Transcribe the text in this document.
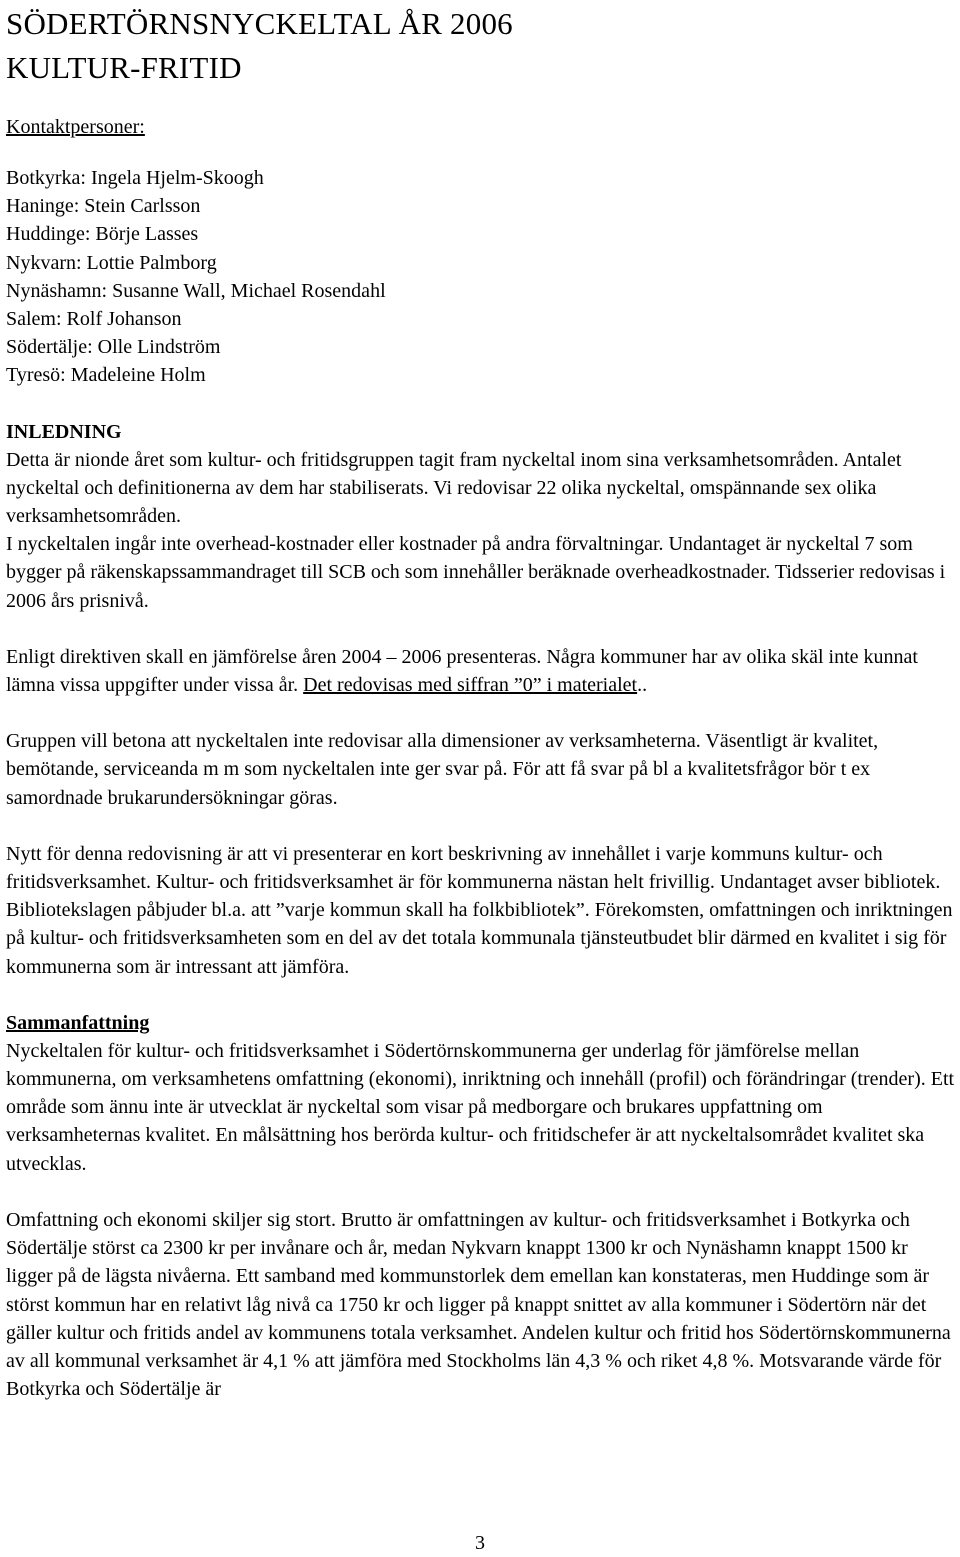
SÖDERTÖRNSNYCKELTAL ÅR 2006
KULTUR-FRITID
Kontaktpersoner:
Botkyrka: Ingela Hjelm-Skoogh
Haninge: Stein Carlsson
Huddinge: Börje Lasses
Nykvarn: Lottie Palmborg
Nynäshamn: Susanne Wall, Michael Rosendahl
Salem: Rolf Johanson
Södertälje: Olle Lindström
Tyresö: Madeleine Holm
INLEDNING

Detta är nionde året som kultur- och fritidsgruppen tagit fram nyckeltal inom sina verksamhetsområden. Antalet nyckeltal och definitionerna av dem har stabiliserats. Vi redovisar 22 olika nyckeltal, omspännande sex olika verksamhetsområden.

I nyckeltalen ingår inte overhead-kostnader eller kostnader på andra förvaltningar. Undantaget är nyckeltal 7 som bygger på räkenskapssammandraget till SCB och som innehåller beräknade overheadkostnader. Tidsserier redovisas i 2006 års prisnivå.

Enligt direktiven skall en jämförelse åren 2004 – 2006 presenteras. Några kommuner har av olika skäl inte kunnat lämna vissa uppgifter under vissa år. Det redovisas med siffran ”0” i materialet..

Gruppen vill betona att nyckeltalen inte redovisar alla dimensioner av verksamheterna. Väsentligt är kvalitet, bemötande, serviceanda m m som nyckeltalen inte ger svar på. För att få svar på bl a kvalitetsfrågor bör t ex samordnade brukarundersökningar göras.

Nytt för denna redovisning är att vi presenterar en kort beskrivning av innehållet i varje kommuns kultur- och fritidsverksamhet. Kultur- och fritidsverksamhet är för kommunerna nästan helt frivillig. Undantaget avser bibliotek. Bibliotekslagen påbjuder bl.a. att ”varje kommun skall ha folkbibliotek”. Förekomsten, omfattningen och inriktningen på kultur- och fritidsverksamheten som en del av det totala kommunala tjänsteutbudet blir därmed en kvalitet i sig för kommunerna som är intressant att jämföra.

Sammanfattning

Nyckeltalen för kultur- och fritidsverksamhet i Södertörnskommunerna ger underlag för jämförelse mellan kommunerna, om verksamhetens omfattning (ekonomi), inriktning och innehåll (profil) och förändringar (trender). Ett område som ännu inte är utvecklat är nyckeltal som visar på medborgare och brukares uppfattning om verksamheternas kvalitet. En målsättning hos berörda kultur- och fritidschefer är att nyckeltalsområdet kvalitet ska utvecklas.

Omfattning och ekonomi skiljer sig stort. Brutto är omfattningen av kultur- och fritidsverksamhet i Botkyrka och Södertälje störst ca 2300 kr per invånare och år, medan Nykvarn knappt 1300 kr och Nynäshamn knappt 1500 kr ligger på de lägsta nivåerna. Ett samband med kommunstorlek dem emellan kan konstateras, men Huddinge som är störst kommun har en relativt låg nivå ca 1750 kr och ligger på knappt snittet av alla kommuner i Södertörn när det gäller kultur och fritids andel av kommunens totala verksamhet. Andelen kultur och fritid hos Södertörnskommunerna av all kommunal verksamhet är 4,1 % att jämföra med Stockholms län 4,3 % och riket 4,8 %. Motsvarande värde för Botkyrka och Södertälje är

3
